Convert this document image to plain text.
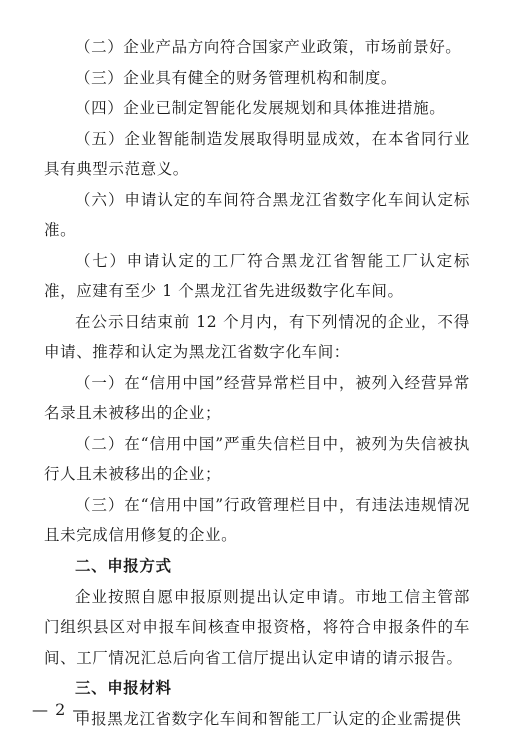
（二）企业产品方向符合国家产业政策，市场前景好。

（三）企业具有健全的财务管理机构和制度。

（四）企业已制定智能化发展规划和具体推进措施。

（五）企业智能制造发展取得明显成效，在本省同行业具有典型示范意义。

（六）申请认定的车间符合黑龙江省数字化车间认定标准。

（七）申请认定的工厂符合黑龙江省智能工厂认定标准，应建有至少 1 个黑龙江省先进级数字化车间。

在公示日结束前 12 个月内，有下列情况的企业，不得申请、推荐和认定为黑龙江省数字化车间：

（一）在“信用中国”经营异常栏目中，被列入经营异常名录且未被移出的企业；

（二）在“信用中国”严重失信栏目中，被列为失信被执行人且未被移出的企业；

（三）在“信用中国”行政管理栏目中，有违法违规情况且未完成信用修复的企业。

二、申报方式

企业按照自愿申报原则提出认定申请。市地工信主管部门组织县区对申报车间核查申报资格，将符合申报条件的车间、工厂情况汇总后向省工信厅提出认定申请的请示报告。

三、申报材料

申报黑龙江省数字化车间和智能工厂认定的企业需提供

— 2 —
